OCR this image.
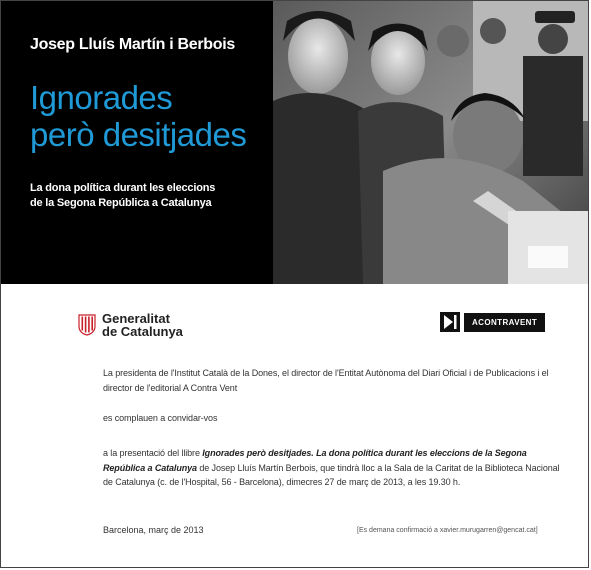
Josep Lluís Martín i Berbois
Ignorades
però desitjades
La dona política durant les eleccions
de la Segona República a Catalunya
Generalitat
de Catalunya
ACONTRAVENT
La presidenta de l'Institut Català de la Dones, el director de l'Entitat Autònoma del Diari Oficial i de Publicacions i el director de l'editorial A Contra Vent
es complauen a convidar-vos
a la presentació del llibre Ignorades però desitjades. La dona política durant les eleccions de la Segona República a Catalunya de Josep Lluís Martín Berbois, que tindrà lloc a la Sala de la Caritat de la Biblioteca Nacional de Catalunya (c. de l'Hospital, 56 - Barcelona), dimecres 27 de març de 2013, a les 19.30 h.
Barcelona, març de 2013	[Es demana confirmació a xavier.murugarren@gencat.cat]
